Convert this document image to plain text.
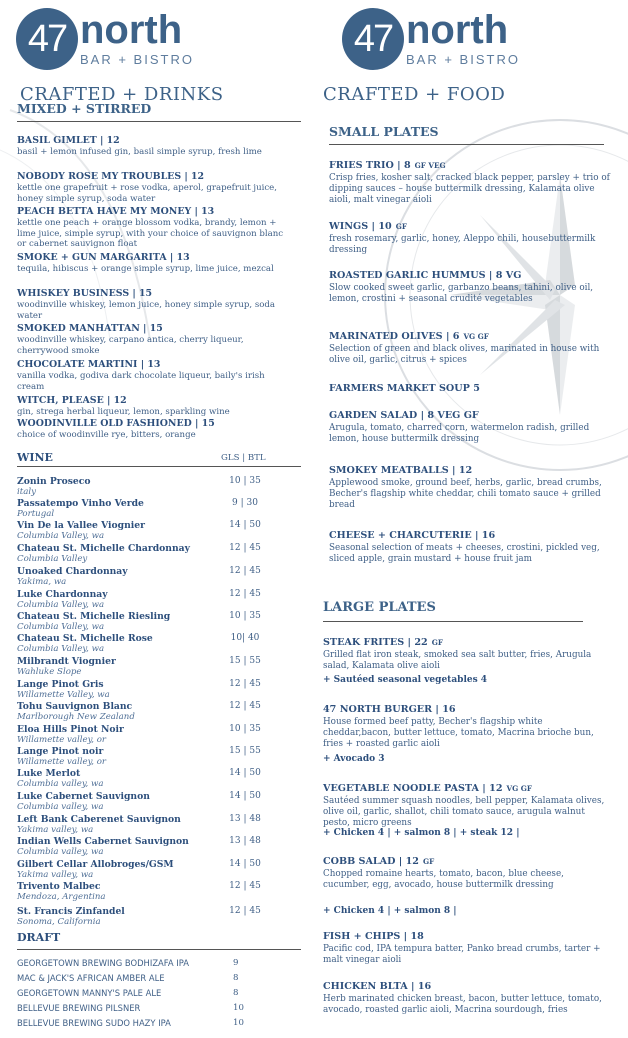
47 north
BAR + BISTRO
CRAFTED + DRINKS
MIXED + STIRRED
BASIL GIMLET | 12
basil + lemon infused gin, basil simple syrup, fresh lime
NOBODY ROSE MY TROUBLES | 12
kettle one grapefruit + rose vodka, aperol, grapefruit juice, honey simple syrup, soda water
PEACH BETTA HAVE MY MONEY | 13
kettle one peach + orange blossom vodka, brandy, lemon + lime juice, simple syrup, with your choice of sauvignon blanc or cabernet sauvignon float
SMOKE + GUN MARGARITA | 13
tequila, hibiscus + orange simple syrup, lime juice, mezcal
WHISKEY BUSINESS | 15
woodinville whiskey, lemon juice, honey simple syrup, soda water
SMOKED MANHATTAN | 15
woodinville whiskey, carpano antica, cherry liqueur, cherrywood smoke
CHOCOLATE MARTINI | 13
vanilla vodka, godiva dark chocolate liqueur, baily's irish cream
WITCH, PLEASE | 12
gin, strega herbal liqueur, lemon, sparkling wine
WOODINVILLE OLD FASHIONED | 15
choice of woodinville rye, bitters, orange
WINE	GLS | BTL
Zonin Proseco
italy
10 | 35
Passatempo Vinho Verde
Portugal
9 | 30
Vin De la Vallee Viognier
Columbia Valley, wa
14 | 50
Chateau St. Michelle Chardonnay
Columbia Valley
12 | 45
Unoaked Chardonnay
Yakima, wa
12 | 45
Luke Chardonnay
Columbia Valley, wa
12 | 45
Chateau St. Michelle Riesling
Columbia Valley, wa
10 | 35
Chateau St. Michelle Rose
Columbia Valley, wa
10| 40
Milbrandt Viognier
Wahluke Slope
15 | 55
Lange Pinot Gris
Willamette Valley, wa
12 | 45
Tohu Sauvignon Blanc
Marlborough New Zealand
12 | 45
Eloa Hills Pinot Noir
Willamette valley, or
10 | 35
Lange Pinot noir
Willamette valley, or
15 | 55
Luke Merlot
Columbia valley, wa
14 | 50
Luke Cabernet Sauvignon
Columbia valley, wa
14 | 50
Left Bank Caberenet Sauvignon
Yakima valley, wa
13 | 48
Indian Wells Cabernet Sauvignon
Columbia valley, wa
13 | 48
Gilbert Cellar Allobroges/GSM
Yakima valley, wa
14 | 50
Trivento Malbec
Mendoza, Argentina
12 | 45
St. Francis Zinfandel
Sonoma, California
12 | 45
DRAFT
GEORGETOWN BREWING BODHIZAFA IPA	9
MAC & JACK'S AFRICAN AMBER ALE	8
GEORGETOWN MANNY'S PALE ALE	8
BELLEVUE BREWING PILSNER	10
BELLEVUE BREWING SUDO HAZY IPA	10
47 north
BAR + BISTRO
CRAFTED + FOOD
SMALL PLATES
FRIES TRIO | 8 GF VEG
Crisp fries, kosher salt, cracked black pepper, parsley + trio of dipping sauces – house buttermilk dressing, Kalamata olive aioli, malt vinegar aioli
WINGS | 10 GF
fresh rosemary, garlic, honey, Aleppo chili, housebuttermilk dressing
ROASTED GARLIC HUMMUS | 8 VG
Slow cooked sweet garlic, garbanzo beans, tahini, olive oil, lemon, crostini + seasonal crudité vegetables
MARINATED OLIVES | 6 VG GF
Selection of green and black olives, marinated in house with olive oil, garlic, citrus + spices
FARMERS MARKET SOUP 5
GARDEN SALAD | 8 VEG GF
Arugula, tomato, charred corn, watermelon radish, grilled lemon, house buttermilk dressing
SMOKEY MEATBALLS | 12
Applewood smoke, ground beef, herbs, garlic, bread crumbs, Becher's flagship white cheddar, chili tomato sauce + grilled bread
CHEESE + CHARCUTERIE | 16
Seasonal selection of meats + cheeses, crostini, pickled veg, sliced apple, grain mustard + house fruit jam
LARGE PLATES
STEAK FRITES | 22 GF
Grilled flat iron steak, smoked sea salt butter, fries, Arugula salad, Kalamata olive aioli
+ Sautéed seasonal vegetables 4
47 NORTH BURGER | 16
House formed beef patty, Becher's flagship white cheddar,bacon, butter lettuce, tomato, Macrina brioche bun, fries + roasted garlic aioli
+ Avocado 3
VEGETABLE NOODLE PASTA | 12 VG GF
Sautéed summer squash noodles, bell pepper, Kalamata olives, olive oil, garlic, shallot, chili tomato sauce, arugula walnut pesto, micro greens
+ Chicken 4 | + salmon 8 | + steak 12 |
COBB SALAD | 12 GF
Chopped romaine hearts, tomato, bacon, blue cheese, cucumber, egg, avocado, house buttermilk dressing
+ Chicken 4 | + salmon 8 |
FISH + CHIPS | 18
Pacific cod, IPA tempura batter, Panko bread crumbs, tarter + malt vinegar aioli
CHICKEN BLTA | 16
Herb marinated chicken breast, bacon, butter lettuce, tomato, avocado, roasted garlic aioli, Macrina sourdough, fries
